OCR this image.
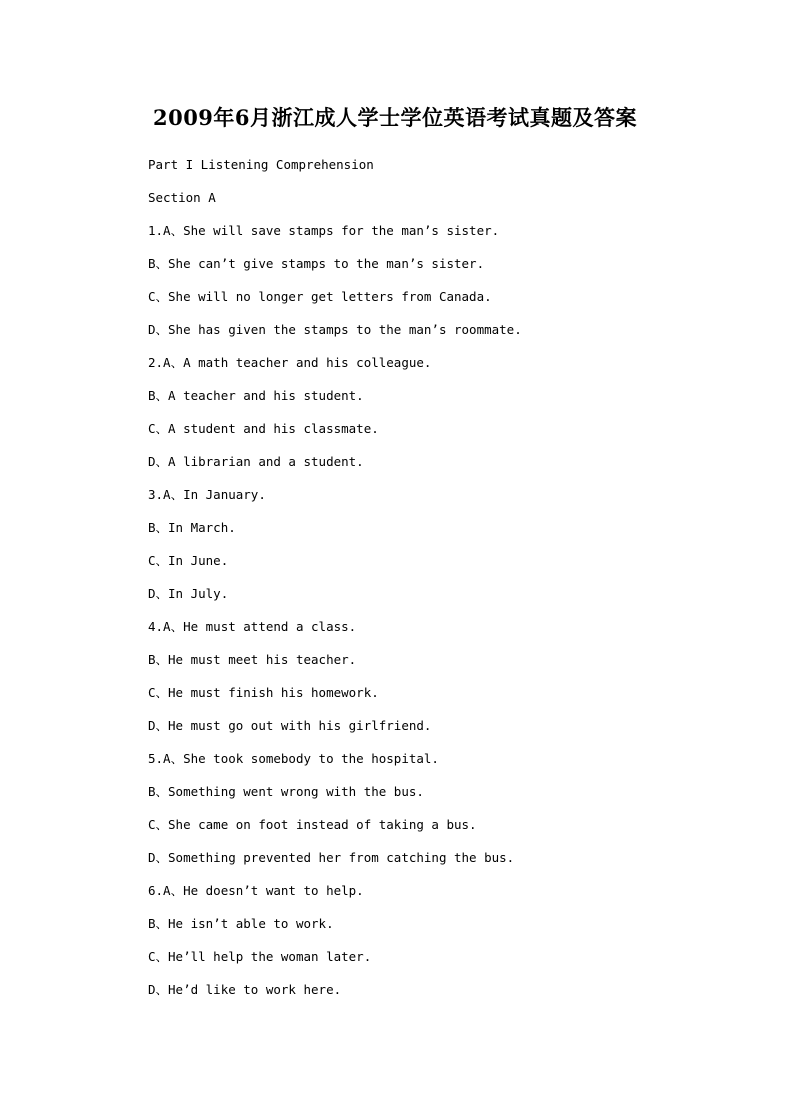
2009年6月浙江成人学士学位英语考试真题及答案
Part I Listening Comprehension
Section A
1.A、She will save stamps for the man’s sister.
B、She can’t give stamps to the man’s sister.
C、She will no longer get letters from Canada.
D、She has given the stamps to the man’s roommate.
2.A、A math teacher and his colleague.
B、A teacher and his student.
C、A student and his classmate.
D、A librarian and a student.
3.A、In January.
B、In March.
C、In June.
D、In July.
4.A、He must attend a class.
B、He must meet his teacher.
C、He must finish his homework.
D、He must go out with his girlfriend.
5.A、She took somebody to the hospital.
B、Something went wrong with the bus.
C、She came on foot instead of taking a bus.
D、Something prevented her from catching the bus.
6.A、He doesn’t want to help.
B、He isn’t able to work.
C、He’ll help the woman later.
D、He’d like to work here.
